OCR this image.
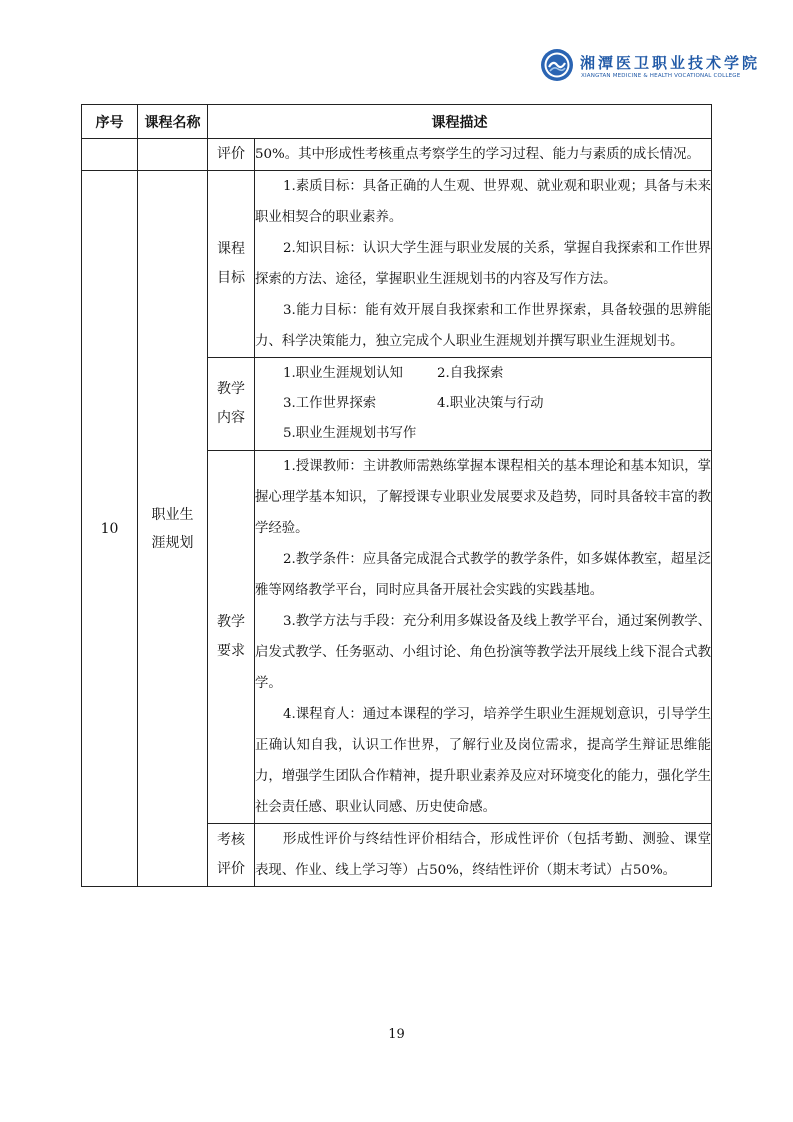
湘潭医卫职业技术学院
XIANGTAN MEDICINE & HEALTH VOCATIONAL COLLEGE
序号	课程名称	课程描述	
		评价	50%。其中形成性考核重点考察学生的学习过程、能力与素质的成长情况。
10	职业生涯规划	课程目标	1.素质目标：具备正确的人生观、世界观、就业观和职业观；具备与未来职业相契合的职业素养。

2.知识目标：认识大学生涯与职业发展的关系，掌握自我探索和工作世界探索的方法、途径，掌握职业生涯规划书的内容及写作方法。

3.能力目标：能有效开展自我探索和工作世界探索，具备较强的思辨能力、科学决策能力，独立完成个人职业生涯规划并撰写职业生涯规划书。

		教学内容	1.职业生涯规划认知 2.自我探索
3.工作世界探索 4.职业决策与行动
5.职业生涯规划书写作

		教学要求	1.授课教师：主讲教师需熟练掌握本课程相关的基本理论和基本知识，掌握心理学基本知识，了解授课专业职业发展要求及趋势，同时具备较丰富的教学经验。

2.教学条件：应具备完成混合式教学的教学条件，如多媒体教室，超星泛雅等网络教学平台，同时应具备开展社会实践的实践基地。

3.教学方法与手段：充分利用多媒设备及线上教学平台，通过案例教学、启发式教学、任务驱动、小组讨论、角色扮演等教学法开展线上线下混合式教学。

4.课程育人：通过本课程的学习，培养学生职业生涯规划意识，引导学生正确认知自我，认识工作世界，了解行业及岗位需求，提高学生辩证思维能力，增强学生团队合作精神，提升职业素养及应对环境变化的能力，强化学生社会责任感、职业认同感、历史使命感。

		考核评价	形成性评价与终结性评价相结合，形成性评价（包括考勤、测验、课堂表现、作业、线上学习等）占50%，终结性评价（期末考试）占50%。

19
